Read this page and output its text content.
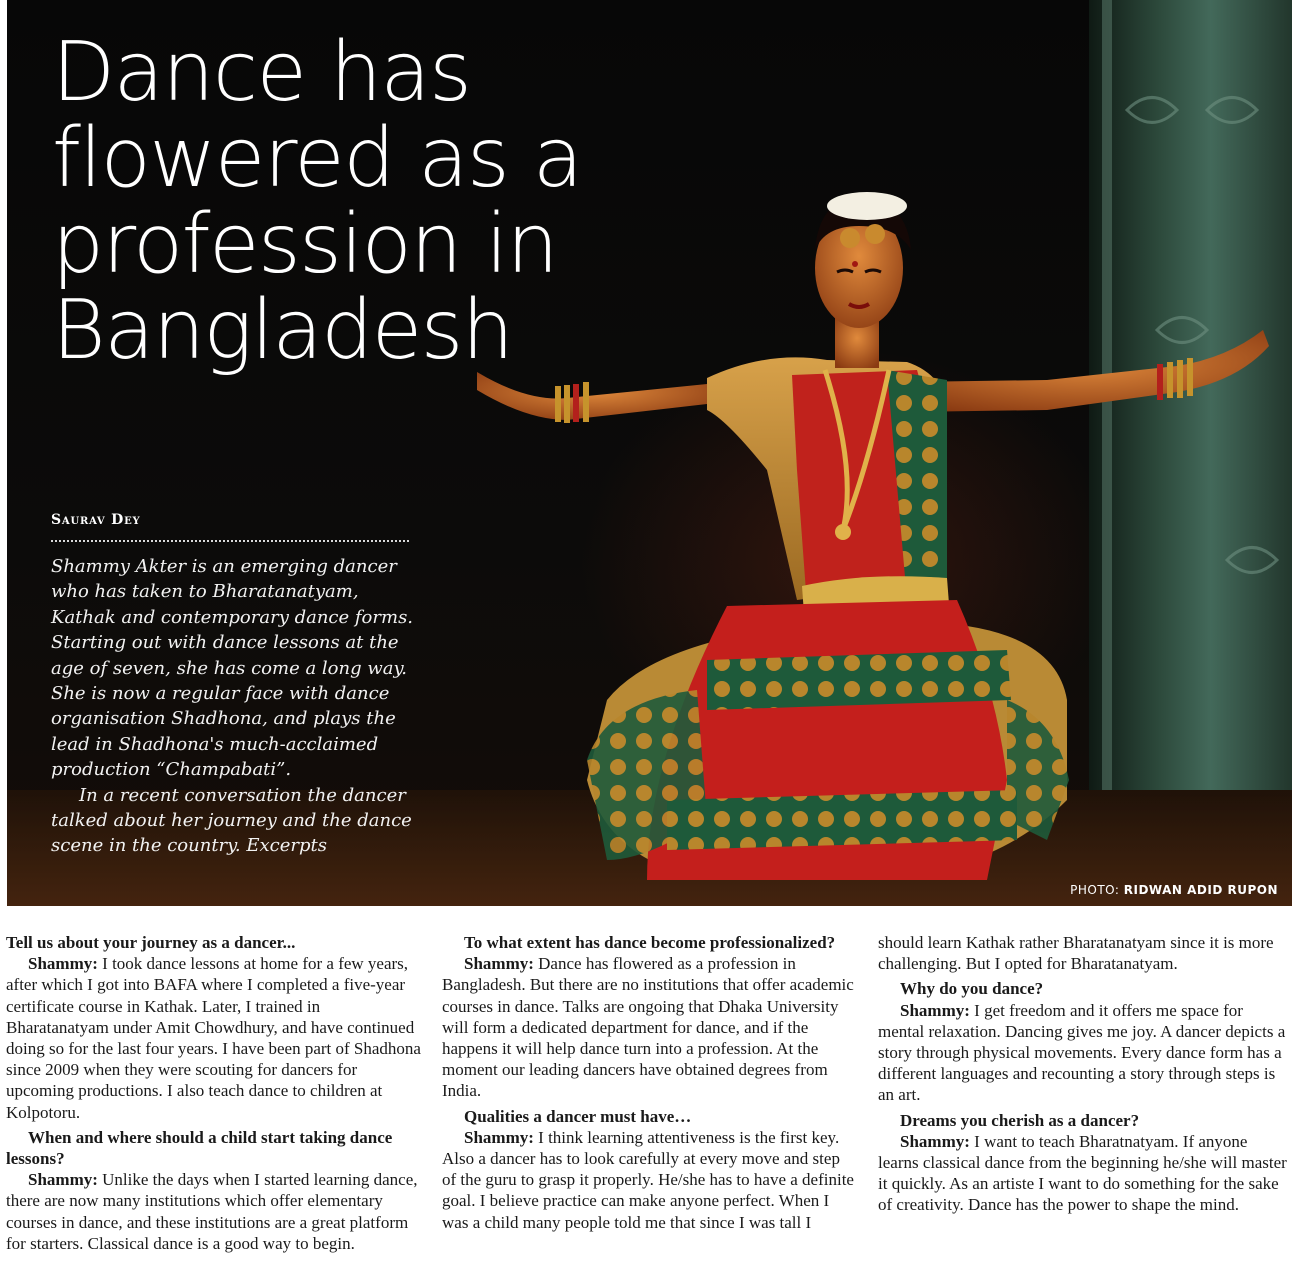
Dance has
flowered as a
profession in
Bangladesh
Saurav Dey

Shammy Akter is an emerging dancer who has taken to Bharatanatyam, Kathak and contemporary dance forms. Starting out with dance lessons at the age of seven, she has come a long way. She is now a regular face with dance organisation Shadhona, and plays the lead in Shadhona's much-acclaimed production “Champabati”.

In a recent conversation the dancer talked about her journey and the dance scene in the country. Excerpts

PHOTO: RIDWAN ADID RUPON
Tell us about your journey as a dancer...

Shammy: I took dance lessons at home for a few years, after which I got into BAFA where I completed a five-year certificate course in Kathak. Later, I trained in Bharatanatyam under Amit Chowdhury, and have continued doing so for the last four years. I have been part of Shadhona since 2009 when they were scouting for dancers for upcoming productions. I also teach dance to children at Kolpotoru.

When and where should a child start taking dance lessons?

Shammy: Unlike the days when I started learning dance, there are now many institutions which offer elementary courses in dance, and these institutions are a great platform for starters. Classical dance is a good way to begin.

To what extent has dance become professionalized?

Shammy: Dance has flowered as a profession in Bangladesh. But there are no institutions that offer academic courses in dance. Talks are ongoing that Dhaka University will form a dedicated department for dance, and if the happens it will help dance turn into a profession. At the moment our leading dancers have obtained degrees from India.

Qualities a dancer must have…

Shammy: I think learning attentiveness is the first key. Also a dancer has to look carefully at every move and step of the guru to grasp it properly. He/she has to have a definite goal. I believe practice can make anyone perfect. When I was a child many people told me that since I was tall I

should learn Kathak rather Bharatanatyam since it is more challenging. But I opted for Bharatanatyam.

Why do you dance?

Shammy: I get freedom and it offers me space for mental relaxation. Dancing gives me joy. A dancer depicts a story through physical movements. Every dance form has a different languages and recounting a story through steps is an art.

Dreams you cherish as a dancer?

Shammy: I want to teach Bharatnatyam. If anyone learns classical dance from the beginning he/she will master it quickly. As an artiste I want to do something for the sake of creativity. Dance has the power to shape the mind.
